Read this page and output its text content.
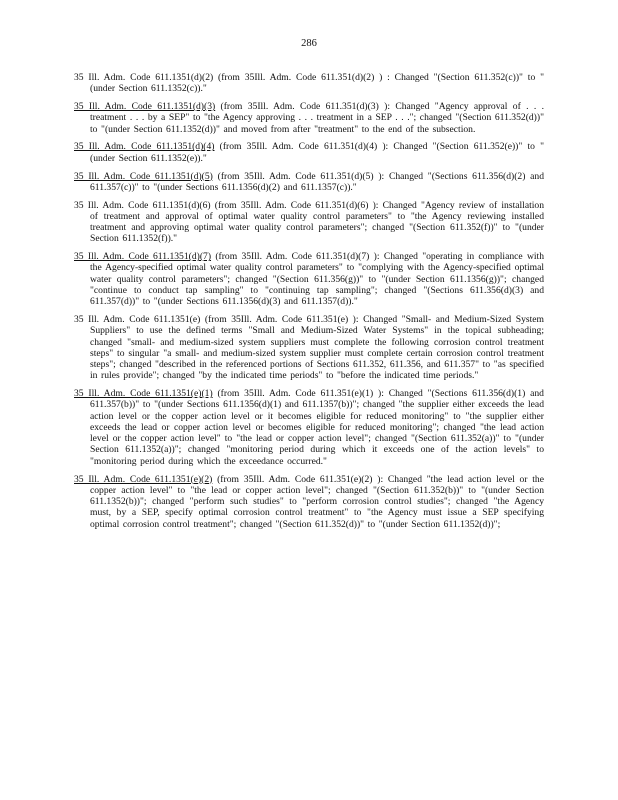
286

35 Ill. Adm. Code 611.1351(d)(2) (from 35Ill. Adm. Code 611.351(d)(2) ) : Changed "(Section 611.352(c))" to "(under Section 611.1352(c))."

35 Ill. Adm. Code 611.1351(d)(3) (from 35Ill. Adm. Code 611.351(d)(3) ): Changed "Agency approval of . . . treatment . . . by a SEP" to "the Agency approving . . . treatment in a SEP . . ."; changed "(Section 611.352(d))" to "(under Section 611.1352(d))" and moved from after "treatment" to the end of the subsection.

35 Ill. Adm. Code 611.1351(d)(4) (from 35Ill. Adm. Code 611.351(d)(4) ): Changed "(Section 611.352(e))" to "(under Section 611.1352(e))."

35 Ill. Adm. Code 611.1351(d)(5) (from 35Ill. Adm. Code 611.351(d)(5) ): Changed "(Sections 611.356(d)(2) and 611.357(c))" to "(under Sections 611.1356(d)(2) and 611.1357(c))."

35 Ill. Adm. Code 611.1351(d)(6) (from 35Ill. Adm. Code 611.351(d)(6) ): Changed "Agency review of installation of treatment and approval of optimal water quality control parameters" to "the Agency reviewing installed treatment and approving optimal water quality control parameters"; changed "(Section 611.352(f))" to "(under Section 611.1352(f))."

35 Ill. Adm. Code 611.1351(d)(7) (from 35Ill. Adm. Code 611.351(d)(7) ): Changed "operating in compliance with the Agency-specified optimal water quality control parameters" to "complying with the Agency-specified optimal water quality control parameters"; changed "(Section 611.356(g))" to "(under Section 611.1356(g))"; changed "continue to conduct tap sampling" to "continuing tap sampling"; changed "(Sections 611.356(d)(3) and 611.357(d))" to "(under Sections 611.1356(d)(3) and 611.1357(d))."

35 Ill. Adm. Code 611.1351(e) (from 35Ill. Adm. Code 611.351(e) ): Changed "Small- and Medium-Sized System Suppliers" to use the defined terms "Small and Medium-Sized Water Systems" in the topical subheading; changed "small- and medium-sized system suppliers must complete the following corrosion control treatment steps" to singular "a small- and medium-sized system supplier must complete certain corrosion control treatment steps"; changed "described in the referenced portions of Sections 611.352, 611.356, and 611.357" to "as specified in rules provide"; changed "by the indicated time periods" to "before the indicated time periods."

35 Ill. Adm. Code 611.1351(e)(1) (from 35Ill. Adm. Code 611.351(e)(1) ): Changed "(Sections 611.356(d)(1) and 611.357(b))" to "(under Sections 611.1356(d)(1) and 611.1357(b))"; changed "the supplier either exceeds the lead action level or the copper action level or it becomes eligible for reduced monitoring" to "the supplier either exceeds the lead or copper action level or becomes eligible for reduced monitoring"; changed "the lead action level or the copper action level" to "the lead or copper action level"; changed "(Section 611.352(a))" to "(under Section 611.1352(a))"; changed "monitoring period during which it exceeds one of the action levels" to "monitoring period during which the exceedance occurred."

35 Ill. Adm. Code 611.1351(e)(2) (from 35Ill. Adm. Code 611.351(e)(2) ): Changed "the lead action level or the copper action level" to "the lead or copper action level"; changed "(Section 611.352(b))" to "(under Section 611.1352(b))"; changed "perform such studies" to "perform corrosion control studies"; changed "the Agency must, by a SEP, specify optimal corrosion control treatment" to "the Agency must issue a SEP specifying optimal corrosion control treatment"; changed "(Section 611.352(d))" to "(under Section 611.1352(d))";
